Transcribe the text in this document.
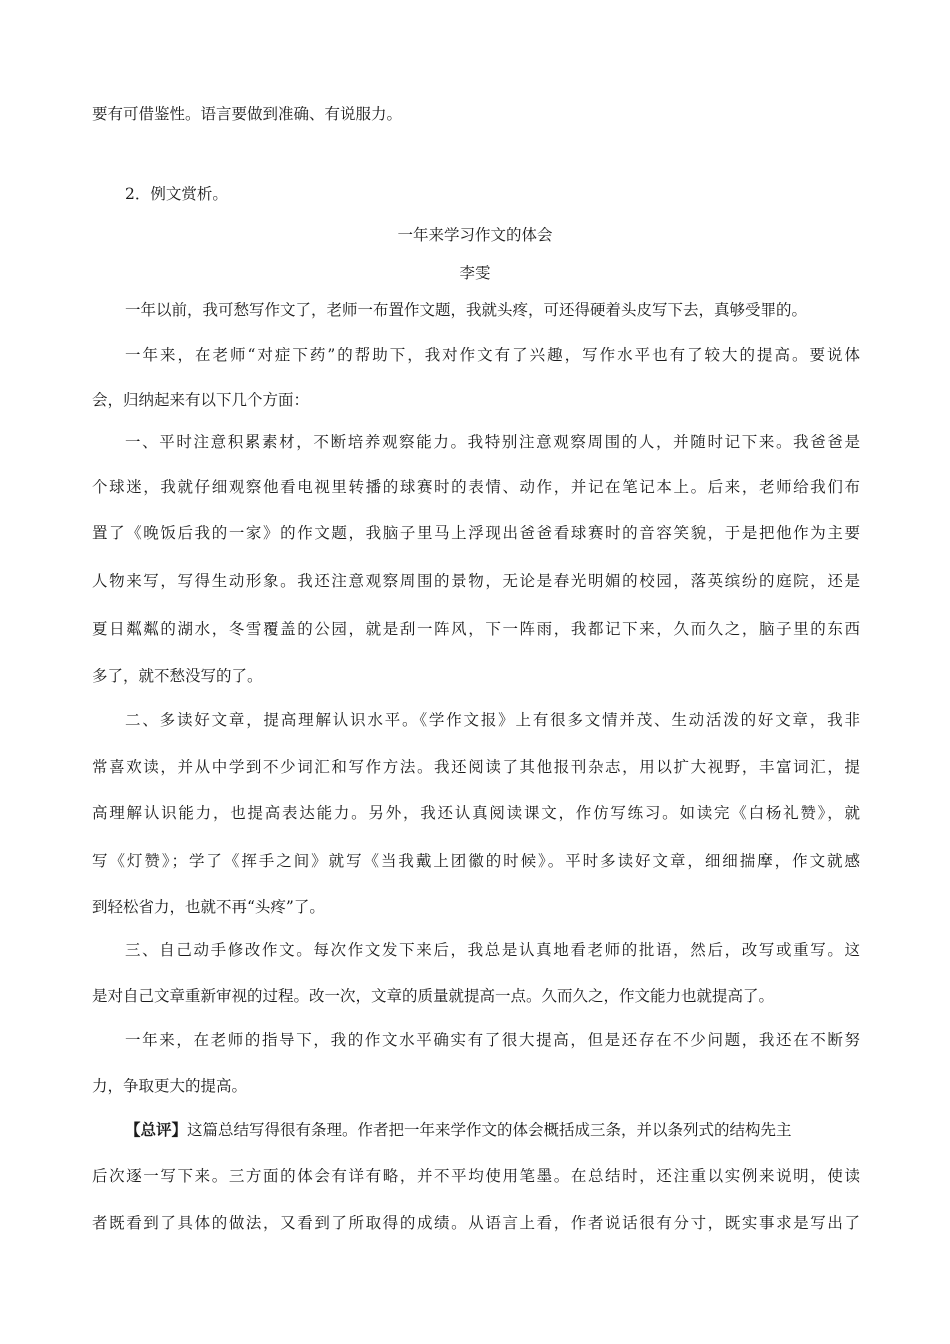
要有可借鉴性。语言要做到准确、有说服力。

2．例文赏析。

一年来学习作文的体会

李雯

一年以前，我可愁写作文了，老师一布置作文题，我就头疼，可还得硬着头皮写下去，真够受罪的。

一年来，在老师“对症下药”的帮助下，我对作文有了兴趣，写作水平也有了较大的提高。要说体

会，归纳起来有以下几个方面：

一、平时注意积累素材，不断培养观察能力。我特别注意观察周围的人，并随时记下来。我爸爸是

个球迷，我就仔细观察他看电视里转播的球赛时的表情、动作，并记在笔记本上。后来，老师给我们布

置了《晚饭后我的一家》的作文题，我脑子里马上浮现出爸爸看球赛时的音容笑貌，于是把他作为主要

人物来写，写得生动形象。我还注意观察周围的景物，无论是春光明媚的校园，落英缤纷的庭院，还是

夏日粼粼的湖水，冬雪覆盖的公园，就是刮一阵风，下一阵雨，我都记下来，久而久之，脑子里的东西

多了，就不愁没写的了。

二、多读好文章，提高理解认识水平。《学作文报》上有很多文情并茂、生动活泼的好文章，我非

常喜欢读，并从中学到不少词汇和写作方法。我还阅读了其他报刊杂志，用以扩大视野，丰富词汇，提

高理解认识能力，也提高表达能力。另外，我还认真阅读课文，作仿写练习。如读完《白杨礼赞》，就

写《灯赞》；学了《挥手之间》就写《当我戴上团徽的时候》。平时多读好文章，细细揣摩，作文就感

到轻松省力，也就不再“头疼”了。

三、自己动手修改作文。每次作文发下来后，我总是认真地看老师的批语，然后，改写或重写。这

是对自己文章重新审视的过程。改一次，文章的质量就提高一点。久而久之，作文能力也就提高了。

一年来，在老师的指导下，我的作文水平确实有了很大提高，但是还存在不少问题，我还在不断努

力，争取更大的提高。

【总评】这篇总结写得很有条理。作者把一年来学作文的体会概括成三条，并以条列式的结构先主

后次逐一写下来。三方面的体会有详有略，并不平均使用笔墨。在总结时，还注重以实例来说明，使读

者既看到了具体的做法，又看到了所取得的成绩。从语言上看，作者说话很有分寸，既实事求是写出了
